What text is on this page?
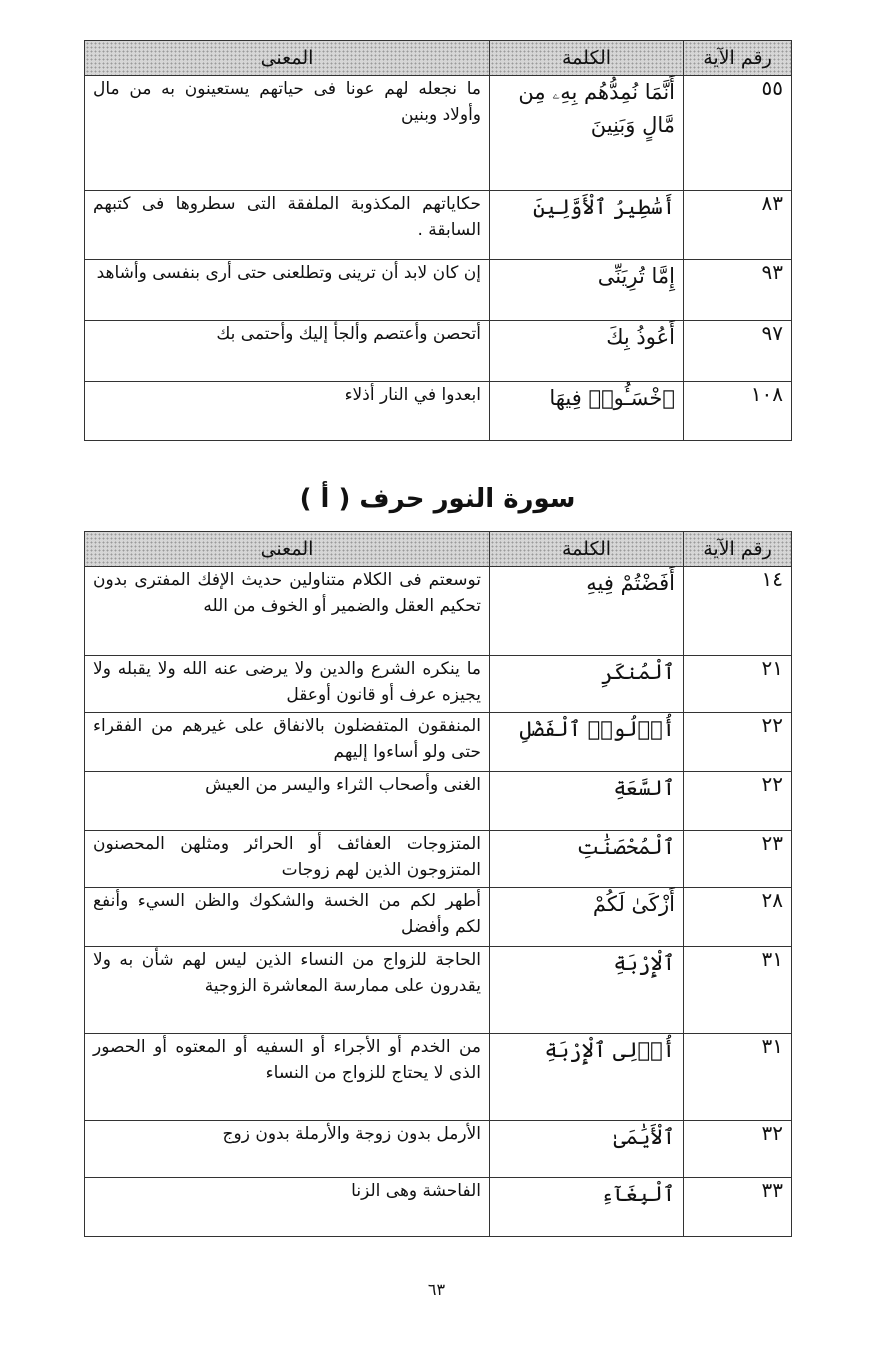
رقم الآية	الكلمة	المعنى
٥٥	أَنَّمَا نُمِدُّهُم بِهِۦ مِن مَّالٍ وَبَنِينَ	ما نجعله لهم عونا فى حياتهم يستعينون به من مال وأولاد وبنين
٨٣	أَسَٰطِيرُ ٱلْأَوَّلِينَ	حكاياتهم المكذوبة الملفقة التى سطروها فى كتبهم السابقة .
٩٣	إِمَّا تُرِيَنِّى	إن كان لابد أن ترينى وتطلعنى حتى أرى بنفسى وأشاهد
٩٧	أَعُوذُ بِكَ	أتحصن وأعتصم وألجأ إليك وأحتمى بك
١٠٨	ٱخْسَـُٔوا۟ فِيهَا	ابعدوا في النار أذلاء
سورة النور حرف ( أ )
رقم الآية	الكلمة	المعنى
١٤	أَفَضْتُمْ فِيهِ	توسعتم فى الكلام متناولين حديث الإفك المفترى بدون تحكيم العقل والضمير أو الخوف من الله
٢١	ٱلْمُنكَرِ	ما ينكره الشرع والدين ولا يرضى عنه الله ولا يقبله ولا يجيزه عرف أو قانون أوعقل
٢٢	أُو۟لُوا۟ ٱلْفَضْلِ	المنفقون المتفضلون بالانفاق على غيرهم من الفقراء حتى ولو أساءوا إليهم
٢٢	ٱلسَّعَةِ	الغنى وأصحاب الثراء واليسر من العيش
٢٣	ٱلْمُحْصَنَٰتِ	المتزوجات العفائف أو الحرائر ومثلهن المحصنون المتزوجون الذين لهم زوجات
٢٨	أَزْكَىٰ لَكُمْ	أطهر لكم من الخسة والشكوك والظن السيء وأنفع لكم وأفضل
٣١	ٱلْإِرْبَةِ	الحاجة للزواج من النساء الذين ليس لهم شأن به ولا يقدرون على ممارسة المعاشرة الزوجية
٣١	أُو۟لِى ٱلْإِرْبَةِ	من الخدم أو الأجراء أو السفيه أو المعتوه أو الحصور الذى لا يحتاج للزواج من النساء
٣٢	ٱلْأَيَٰمَىٰ	الأرمل بدون زوجة والأرملة بدون زوج
٣٣	ٱلْبِغَآءِ	الفاحشة وهى الزنا
٦٣
